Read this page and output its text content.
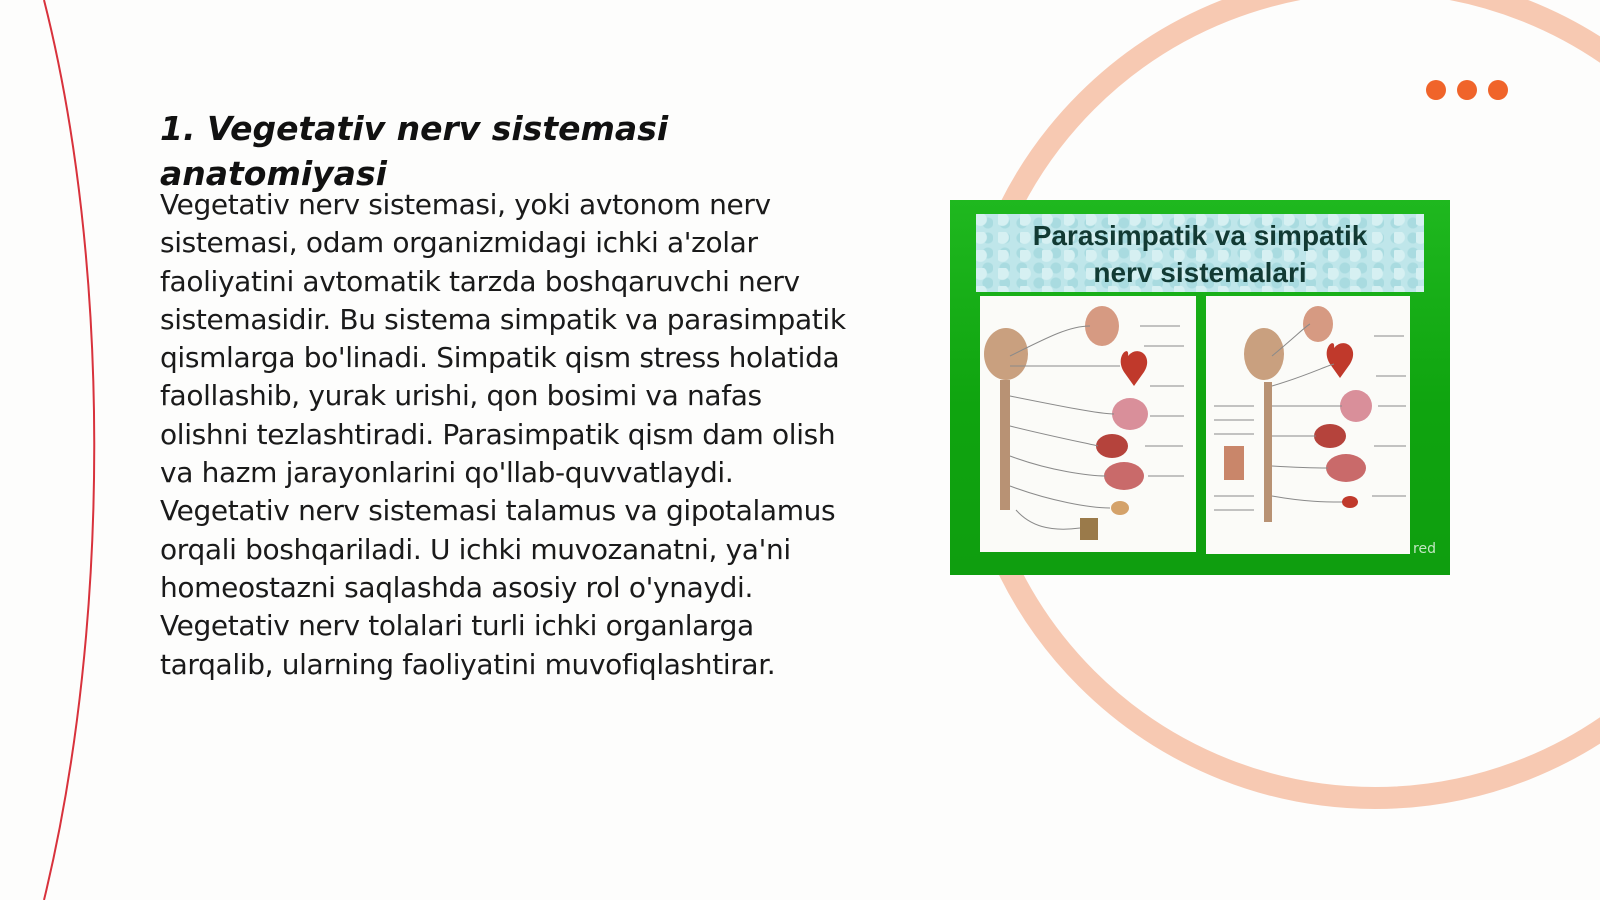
1. Vegetativ nerv sistemasi anatomiyasi

Vegetativ nerv sistemasi, yoki avtonom nerv sistemasi, odam organizmidagi ichki a'zolar faoliyatini avtomatik tarzda boshqaruvchi nerv sistemasidir. Bu sistema simpatik va parasimpatik qismlarga bo'linadi. Simpatik qism stress holatida faollashib, yurak urishi, qon bosimi va nafas olishni tezlashtiradi. Parasimpatik qism dam olish va hazm jarayonlarini qo'llab-quvvatlaydi. Vegetativ nerv sistemasi talamus va gipotalamus orqali boshqariladi. U ichki muvozanatni, ya'ni homeostazni saqlashda asosiy rol o'ynaydi. Vegetativ nerv tolalari turli ichki organlarga tarqalib, ularning faoliyatini muvofiqlashtirar.

Parasimpatik va simpatik
nerv sistemalari
red
